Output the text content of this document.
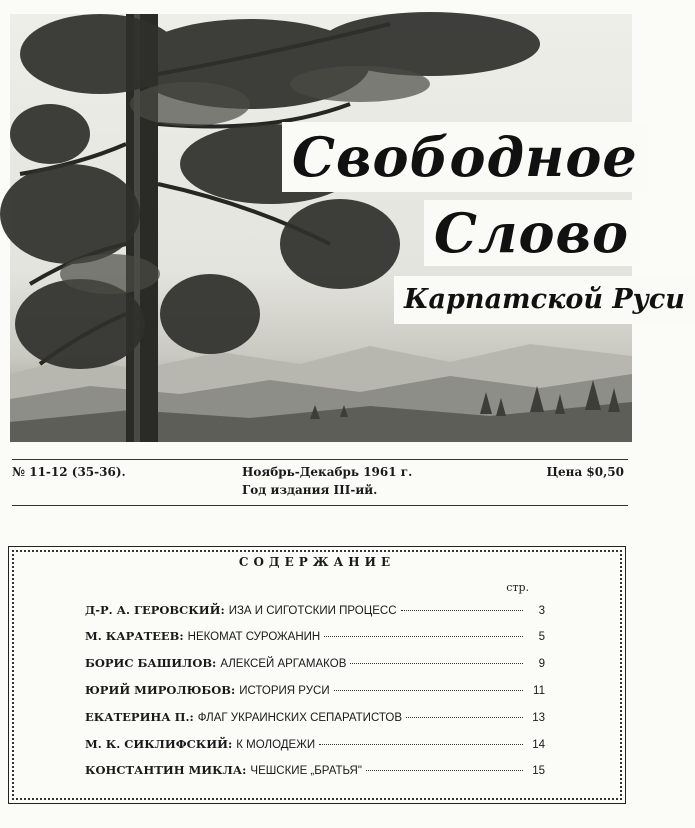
Свободное
Слово
Карпатской Руси
№ 11-12 (35-36).	Ноябрь-Декабрь 1961 г.
Год издания III-ий.
Цена $0,50
СОДЕРЖАНИЕ
стр.
Д-Р. А. ГЕРОВСКИЙ: ИЗА И СИГОТСКИИ ПРОЦЕСС	3
М. КАРАТЕЕВ: НЕКОМАТ СУРОЖАНИН	5
БОРИС БАШИЛОВ: АЛЕКСЕЙ АРГАМАКОВ	9
ЮРИЙ МИРОЛЮБОВ: ИСТОРИЯ РУСИ	11
ЕКАТЕРИНА П.: ФЛАГ УКРАИНСКИХ СЕПАРАТИСТОВ	13
М. К. СИКЛИФСКИЙ: К МОЛОДЕЖИ	14
КОНСТАНТИН МИКЛА: ЧЕШСКИЕ „БРАТЬЯ"	15
